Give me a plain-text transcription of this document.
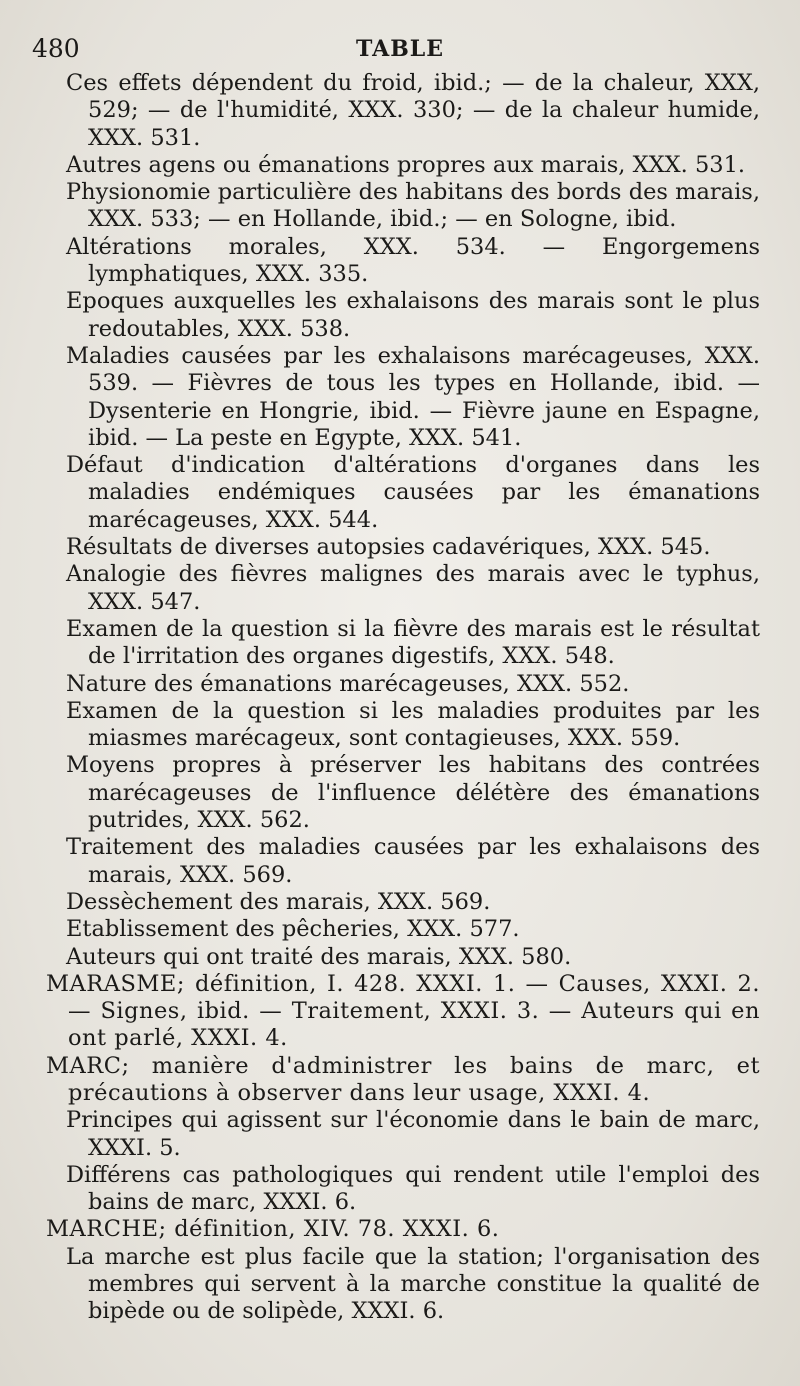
480	TABLE
Ces effets dépendent du froid, ibid.; — de la chaleur, XXX, 529; — de l'humidité, XXX. 330; — de la chaleur humide, XXX. 531.
Autres agens ou émanations propres aux marais, XXX. 531.
Physionomie particulière des habitans des bords des marais, XXX. 533; — en Hollande, ibid.; — en Sologne, ibid.
Altérations morales, XXX. 534. — Engorgemens lymphatiques, XXX. 335.
Epoques auxquelles les exhalaisons des marais sont le plus redoutables, XXX. 538.
Maladies causées par les exhalaisons marécageuses, XXX. 539. — Fièvres de tous les types en Hollande, ibid. — Dysenterie en Hongrie, ibid. — Fièvre jaune en Espagne, ibid. — La peste en Egypte, XXX. 541.
Défaut d'indication d'altérations d'organes dans les maladies endémiques causées par les émanations marécageuses, XXX. 544.
Résultats de diverses autopsies cadavériques, XXX. 545.
Analogie des fièvres malignes des marais avec le typhus, XXX. 547.
Examen de la question si la fièvre des marais est le résultat de l'irritation des organes digestifs, XXX. 548.
Nature des émanations marécageuses, XXX. 552.
Examen de la question si les maladies produites par les miasmes marécageux, sont contagieuses, XXX. 559.
Moyens propres à préserver les habitans des contrées marécageuses de l'influence délétère des émanations putrides, XXX. 562.
Traitement des maladies causées par les exhalaisons des marais, XXX. 569.
Dessèchement des marais, XXX. 569.
Etablissement des pêcheries, XXX. 577.
Auteurs qui ont traité des marais, XXX. 580.
MARASME; définition, I. 428. XXXI. 1. — Causes, XXXI. 2. — Signes, ibid. — Traitement, XXXI. 3. — Auteurs qui en ont parlé, XXXI. 4.
MARC; manière d'administrer les bains de marc, et précautions à observer dans leur usage, XXXI. 4.
Principes qui agissent sur l'économie dans le bain de marc, XXXI. 5.
Différens cas pathologiques qui rendent utile l'emploi des bains de marc, XXXI. 6.
MARCHE; définition, XIV. 78. XXXI. 6.
La marche est plus facile que la station; l'organisation des membres qui servent à la marche constitue la qualité de bipède ou de solipède, XXXI. 6.
